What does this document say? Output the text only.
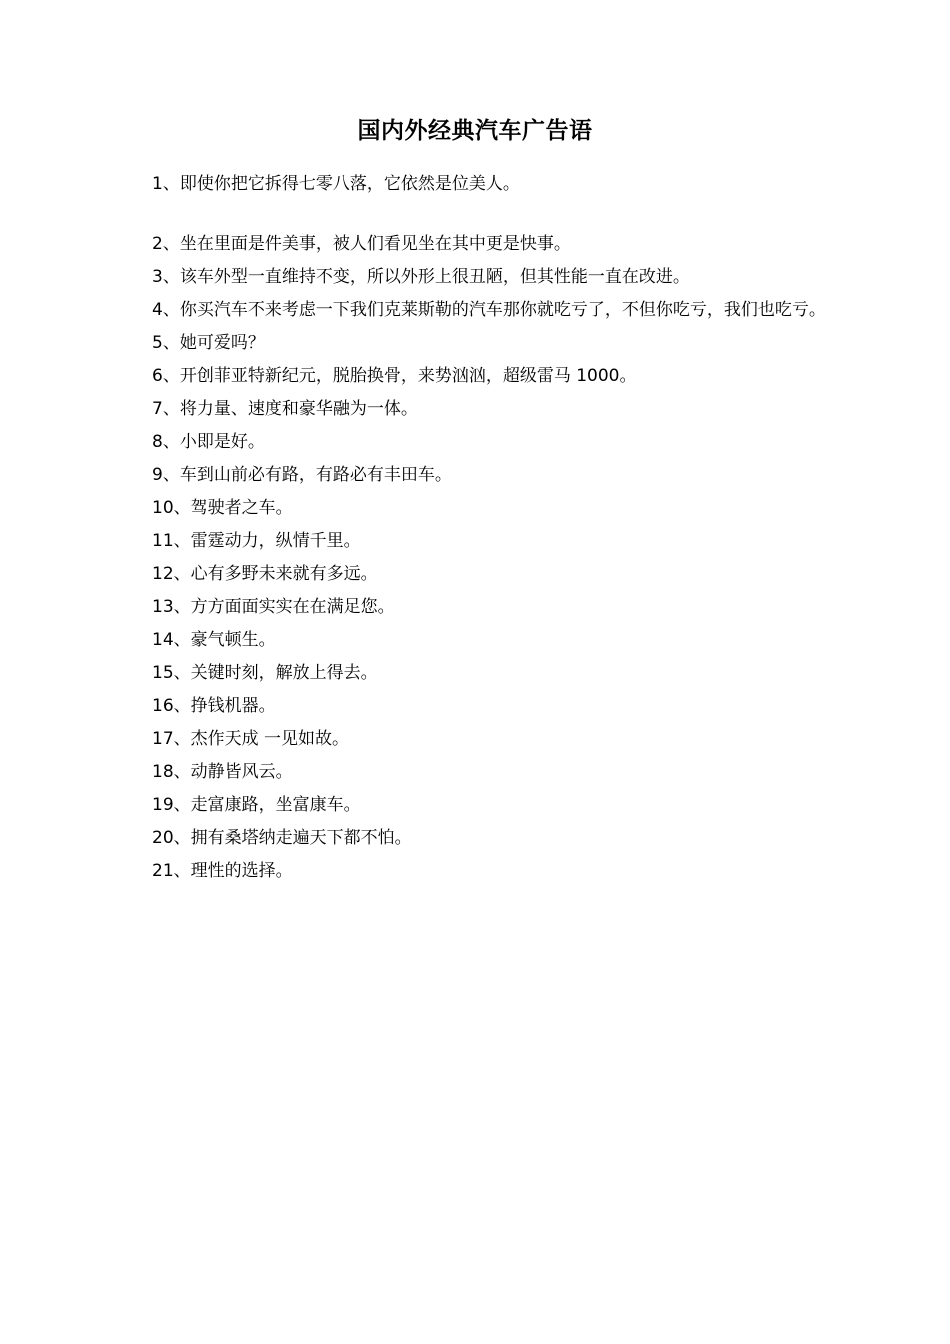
国内外经典汽车广告语

1、即使你把它拆得七零八落，它依然是位美人。

2、坐在里面是件美事，被人们看见坐在其中更是快事。

3、该车外型一直维持不变，所以外形上很丑陋，但其性能一直在改进。

4、你买汽车不来考虑一下我们克莱斯勒的汽车那你就吃亏了，不但你吃亏，我们也吃亏。

5、她可爱吗？

6、开创菲亚特新纪元，脱胎换骨，来势汹汹，超级雷马 1000。

7、将力量、速度和豪华融为一体。

8、小即是好。

9、车到山前必有路，有路必有丰田车。

10、驾驶者之车。

11、雷霆动力，纵情千里。

12、心有多野未来就有多远。

13、方方面面实实在在满足您。

14、豪气顿生。

15、关键时刻，解放上得去。

16、挣钱机器。

17、杰作天成 一见如故。

18、动静皆风云。

19、走富康路，坐富康车。

20、拥有桑塔纳走遍天下都不怕。

21、理性的选择。
